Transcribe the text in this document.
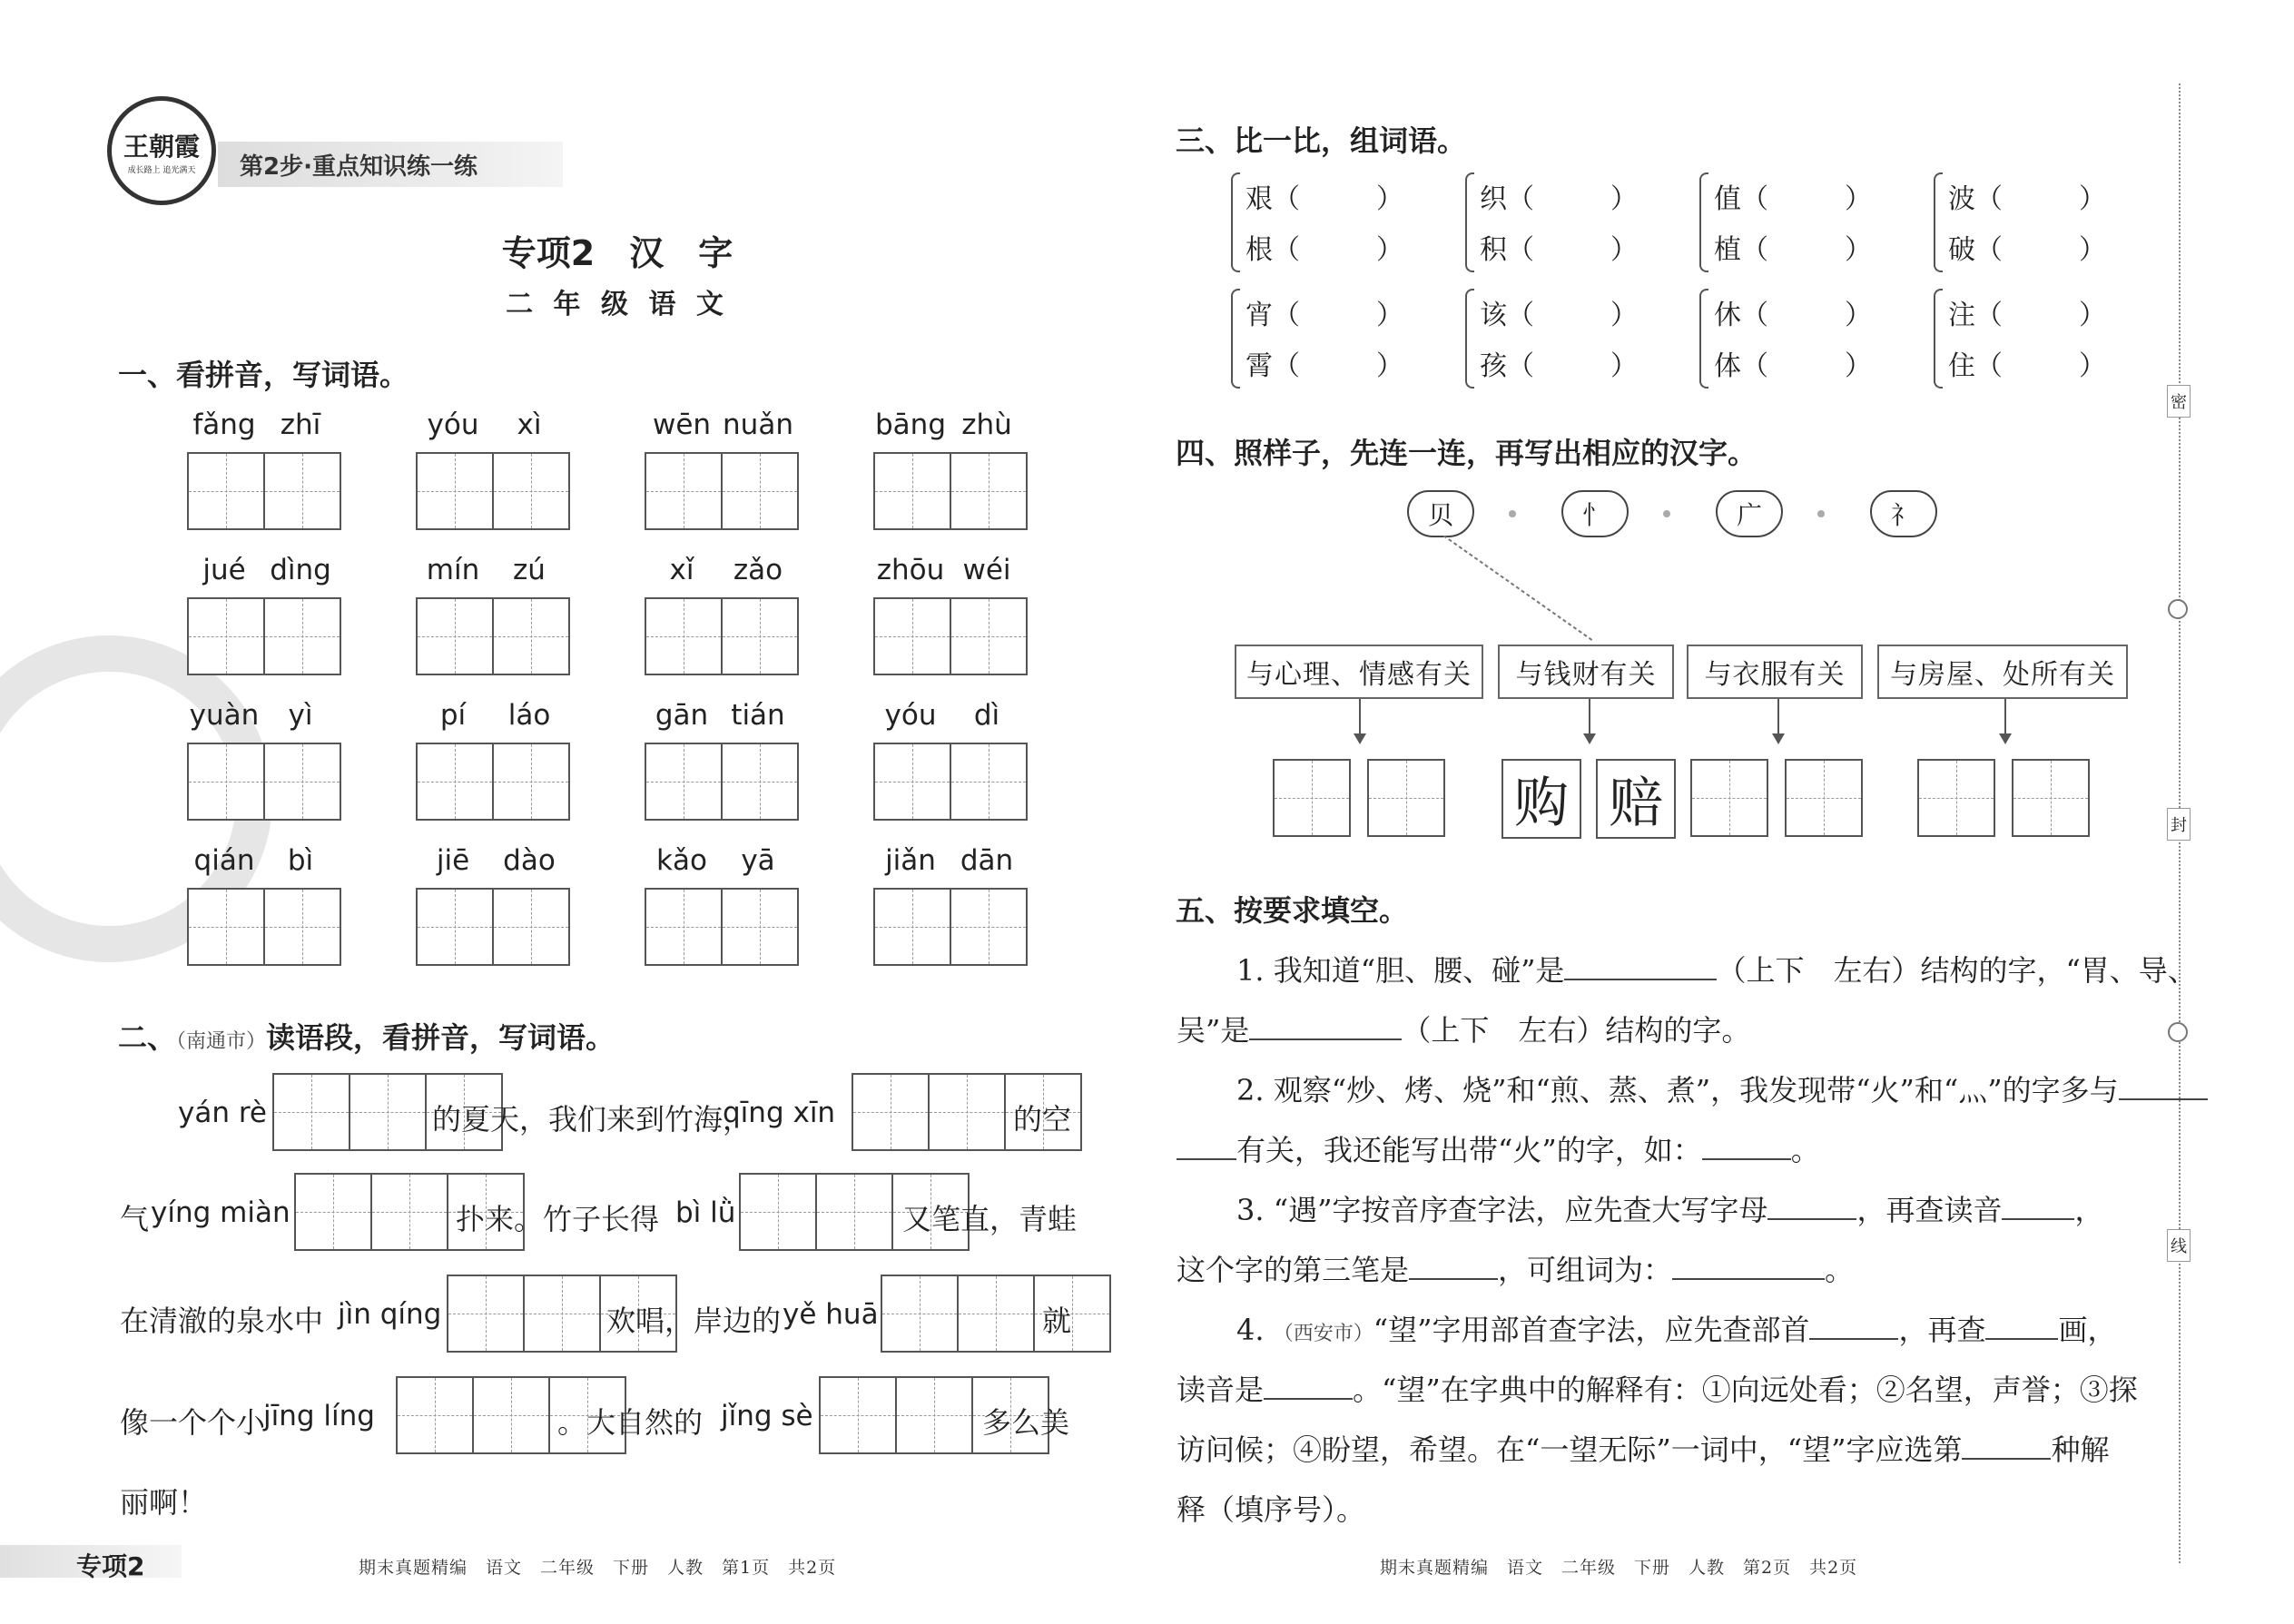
王朝霞
成长路上 追光满天 第2步·重点知识练一练
专项2　汉　字
二 年 级 语 文
一、看拼音，写词语。
fǎng zhī	yóu xì	wēn nuǎn	bāng zhù
jué dìng	mín zú	xǐ zǎo	zhōu wéi
yuàn yì	pí láo	gān tián	yóu dì
qián bì	jiē dào	kǎo yā	jiǎn dān
二、（南通市）读语段，看拼音，写词语。
yán rè	的夏天，我们来到竹海，
qīng xīn	的空
气 yíng miàn	扑来。竹子长得 bì lǜ	又笔直，青蛙
在清澈的泉水中 jìn qíng	欢唱，岸边的 yě huā	就
像一个个小
jīng líng	。大自然的 jǐng sè	多么美
丽啊！
专项2	期末真题精编　语文　二年级　下册　人教　第1页　共2页
三、比一比，组词语。
艰（	）
根（	）
织（	）
积（	）
值（	）
植（	）
波（	）
破（	）
宵（	）
霄（	）
该（	）
孩（	）
休（	）
体（	）
注（	）
住（	）
四、照样子，先连一连，再写出相应的汉字。
贝	忄	广	礻
与心理、情感有关	与钱财有关	与衣服有关	与房屋、处所有关
购 赔
五、按要求填空。
1. 我知道“胆、腰、碰”是	（上下　左右）结构的字，“胃、导、
吴”是	（上下　左右）结构的字。
2. 观察“炒、烤、烧”和“煎、蒸、煮”，我发现带“火”和“灬”的字多与
有关，我还能写出带“火”的字，如：	。
3. “遇”字按音序查字法，应先查大写字母	，再查读音	，
这个字的第三笔是	，可组词为：	。
4. （西安市）“望”字用部首查字法，应先查部首	，再查	画，
读音是	。“望”在字典中的解释有：①向远处看；②名望，声誉；③探
访问候；④盼望，希望。在“一望无际”一词中，“望”字应选第	种解
释（填序号）。
期末真题精编　语文　二年级　下册　人教　第2页　共2页
密
封
线
